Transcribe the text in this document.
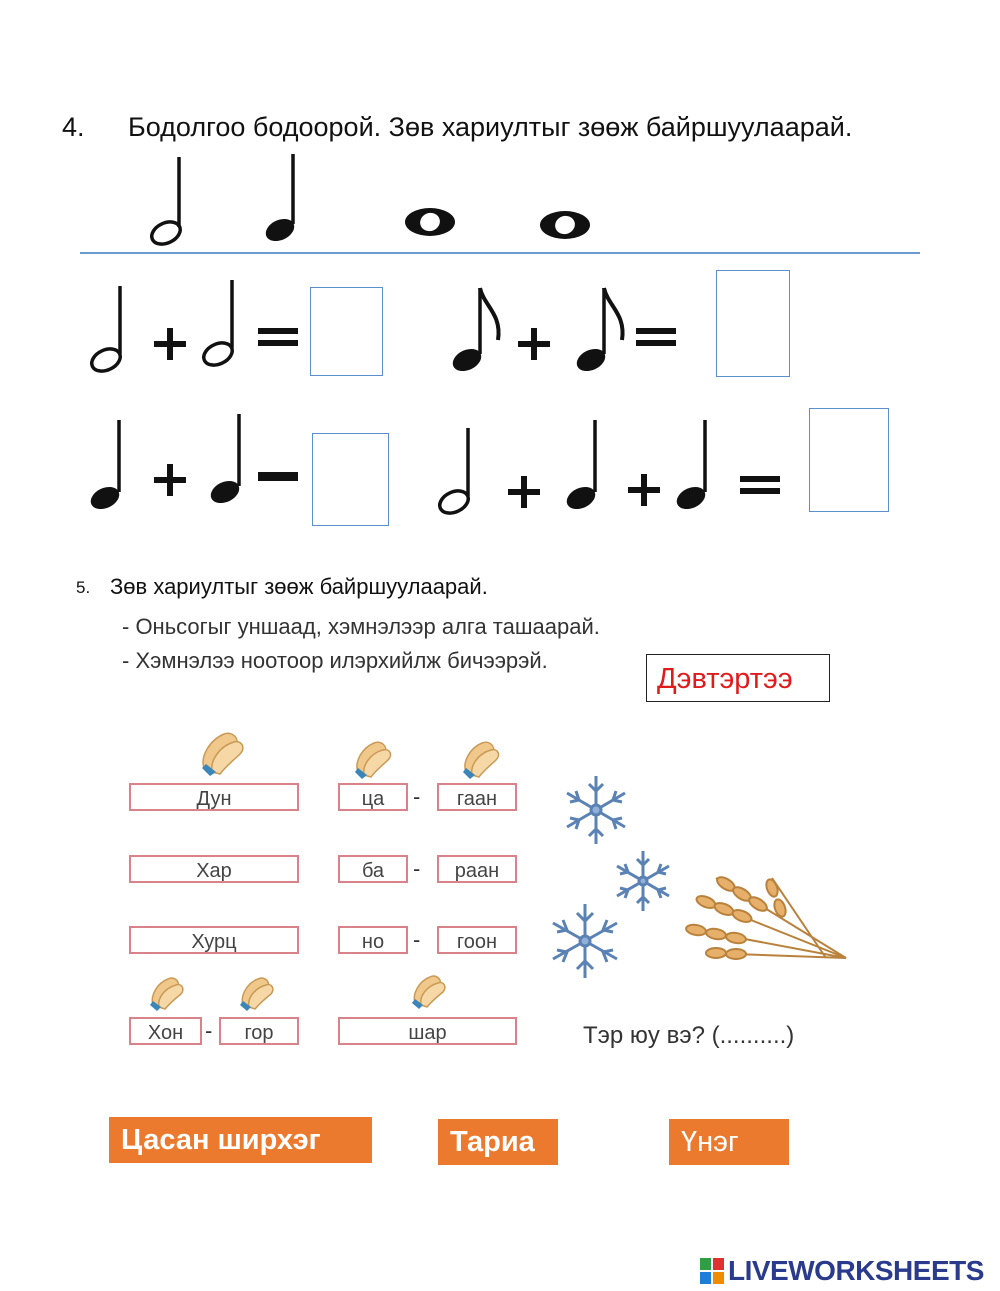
4. Бодолгоо бодоорой. Зөв хариултыг зөөж байршуулаарай.
5. Зөв хариултыг зөөж байршуулаарай.
- Оньсогыг уншаад, хэмнэлээр алга ташаарай.
- Хэмнэлээ ноотоор илэрхийлж бичээрэй.
Дэвтэртээ
Дун	ца	-	гаан
Хар	ба	-	раан
Хурц	но	-	гоон
Хон -	гор	шар	Тэр юу вэ? (..........)
Цасан ширхэг	Тариа	Үнэг
LIVEWORKSHEETS
